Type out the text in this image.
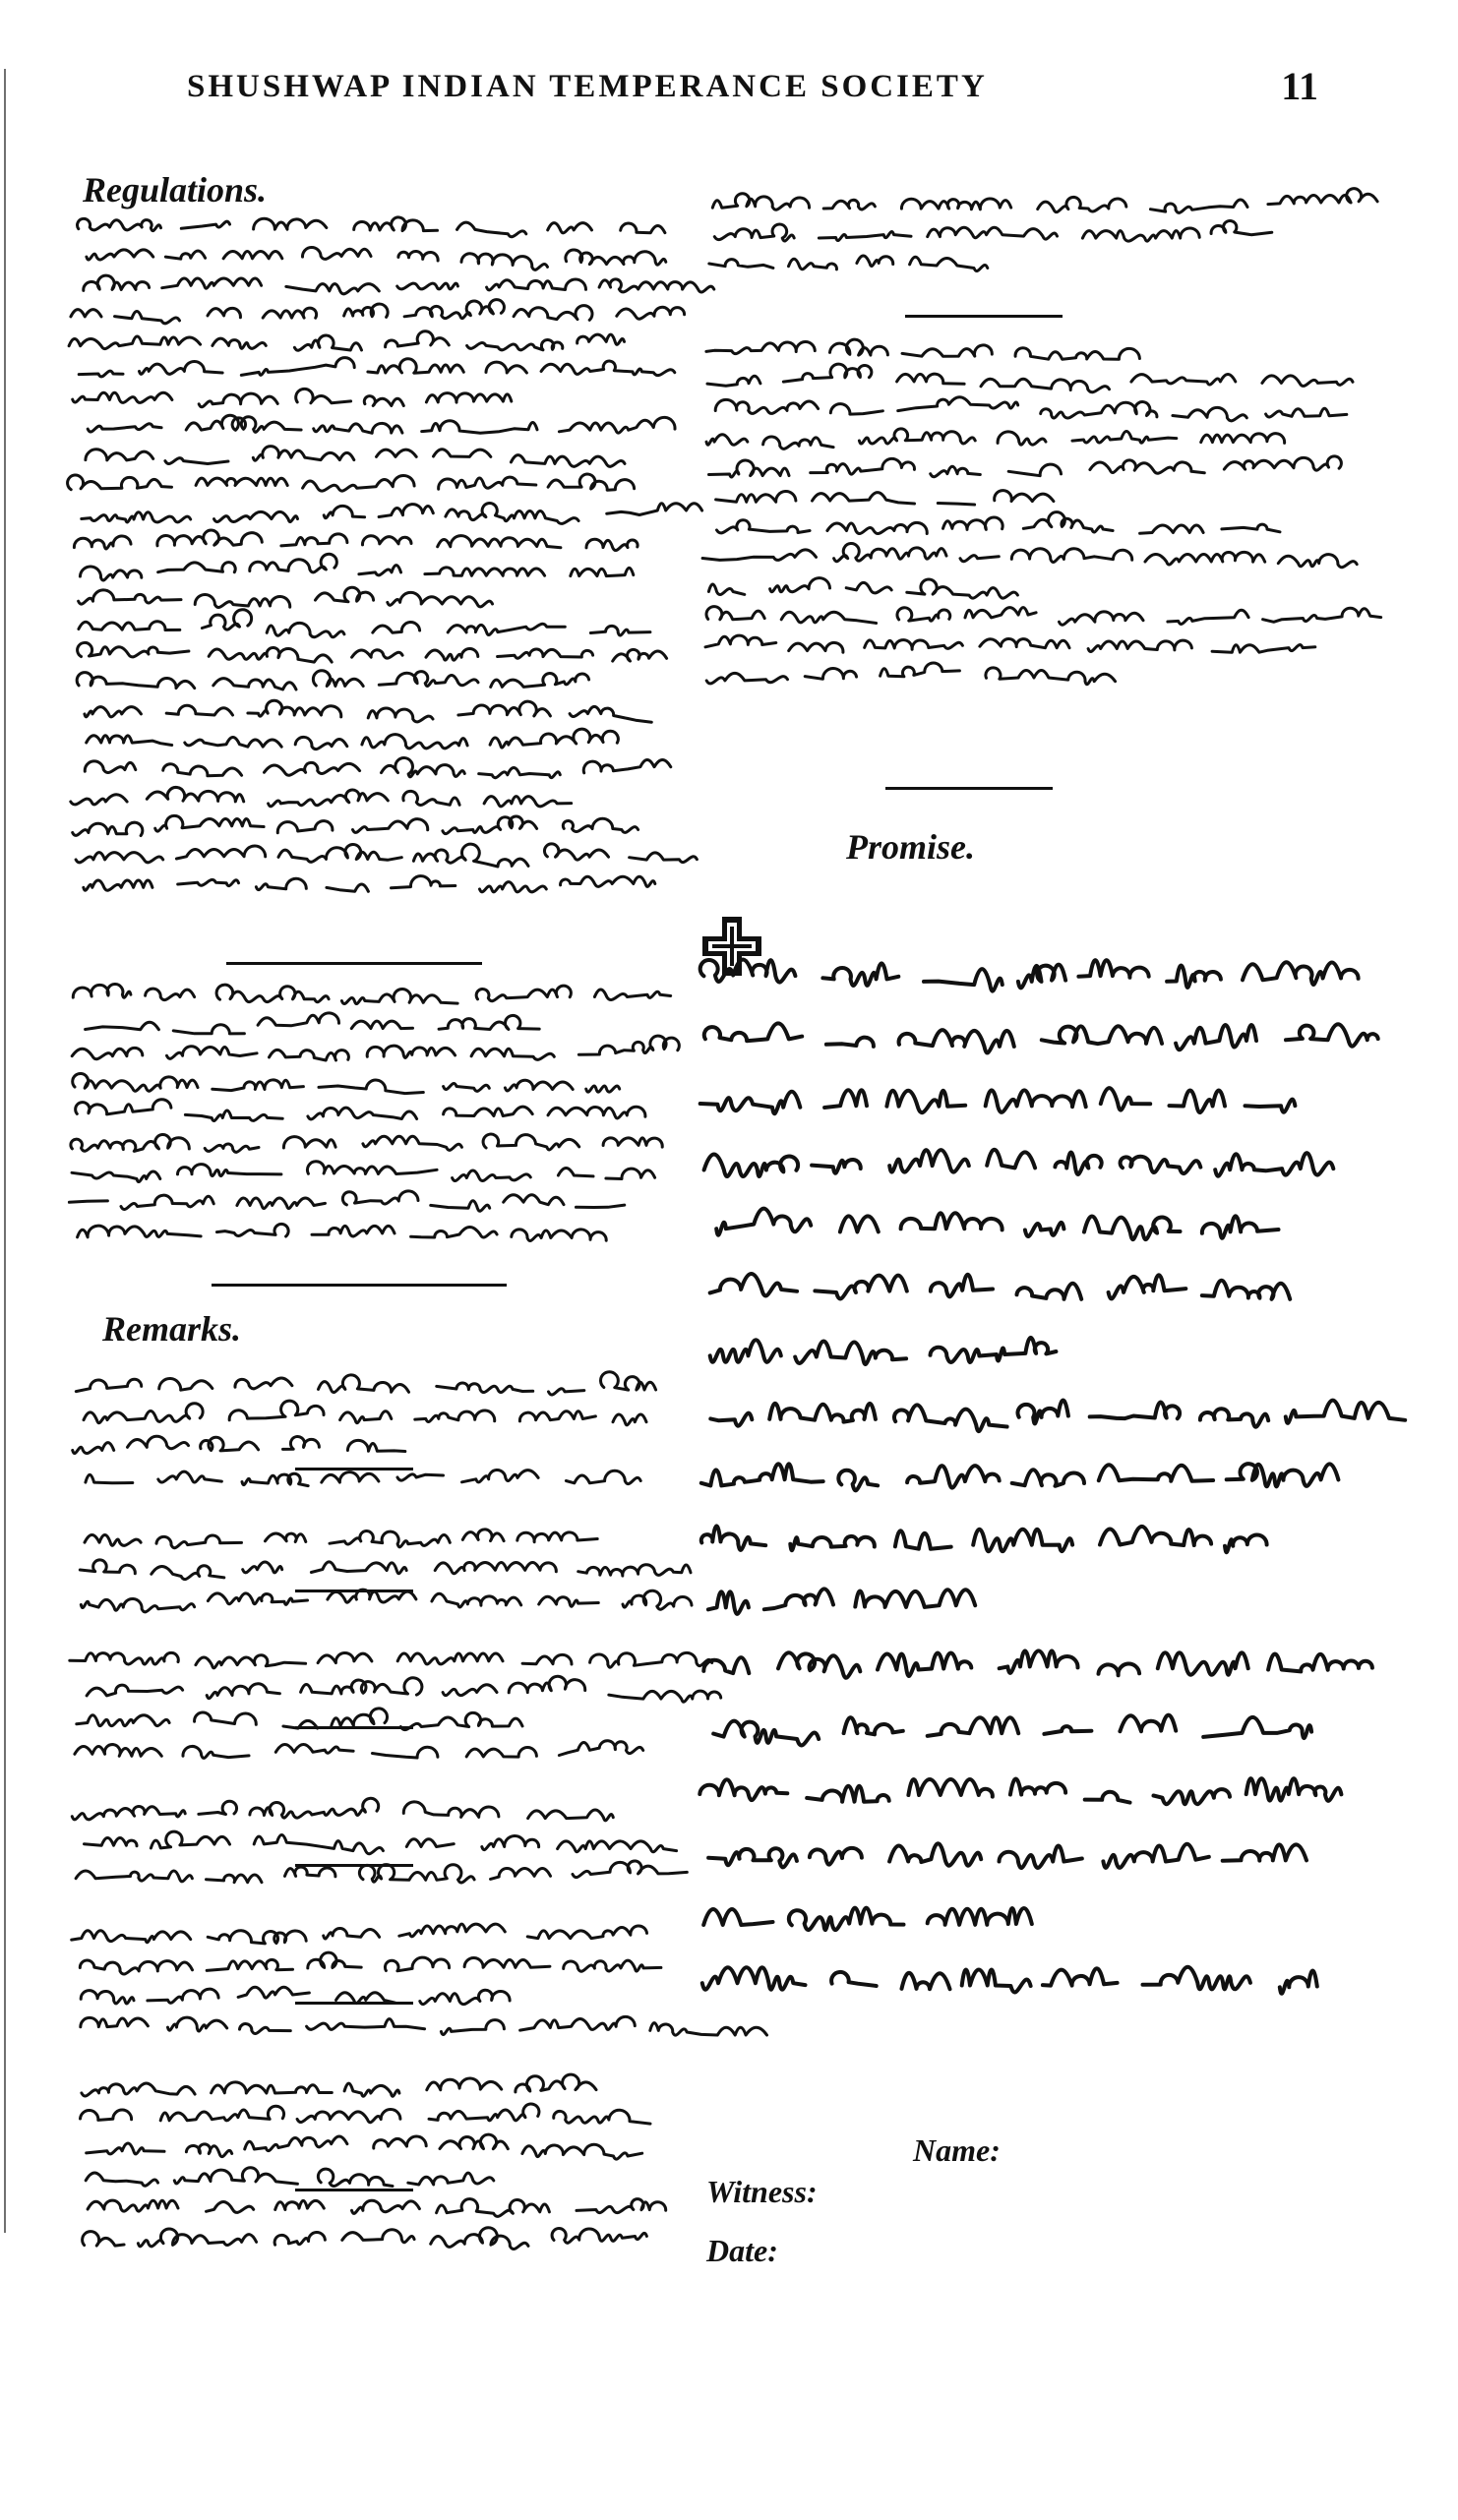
SHUSHWAP INDIAN TEMPERANCE SOCIETY	11
Regulations.
Remarks.
Promise.
Name:
Witness:
Date:
